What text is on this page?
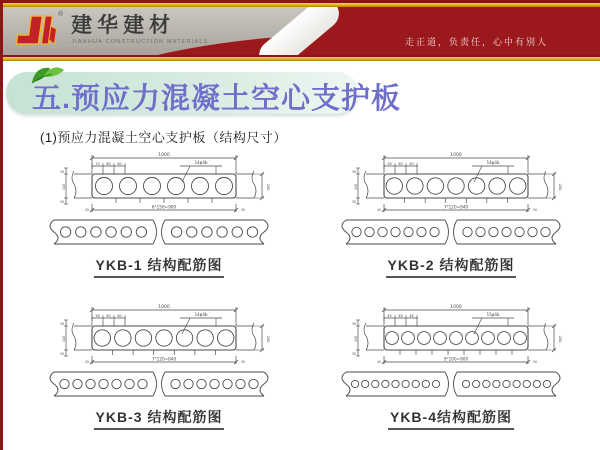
® 建华建材
JIANHUA CONSTRUCTION MATERIALS	走正道，负责任，心中有别人
五.预应力混凝土空心支护板
(1)预应力混凝土空心支护板（结构尺寸）
1000
70 80 80	14φ4b
200
30
140
30
6*150=900
45	50
YKB-1 结构配筋图
1000
56 60 60	14φ4b
200
30
140
30
7*120=840
45	50
YKB-2 结构配筋图
1000
56 60 60	14φ4b
200
30
140
30
7*120=840
45	50
YKB-3 结构配筋图
1000
45 48 48	15φ4b
200
30
140
30
9*100=900
45	50
YKB-4结构配筋图
